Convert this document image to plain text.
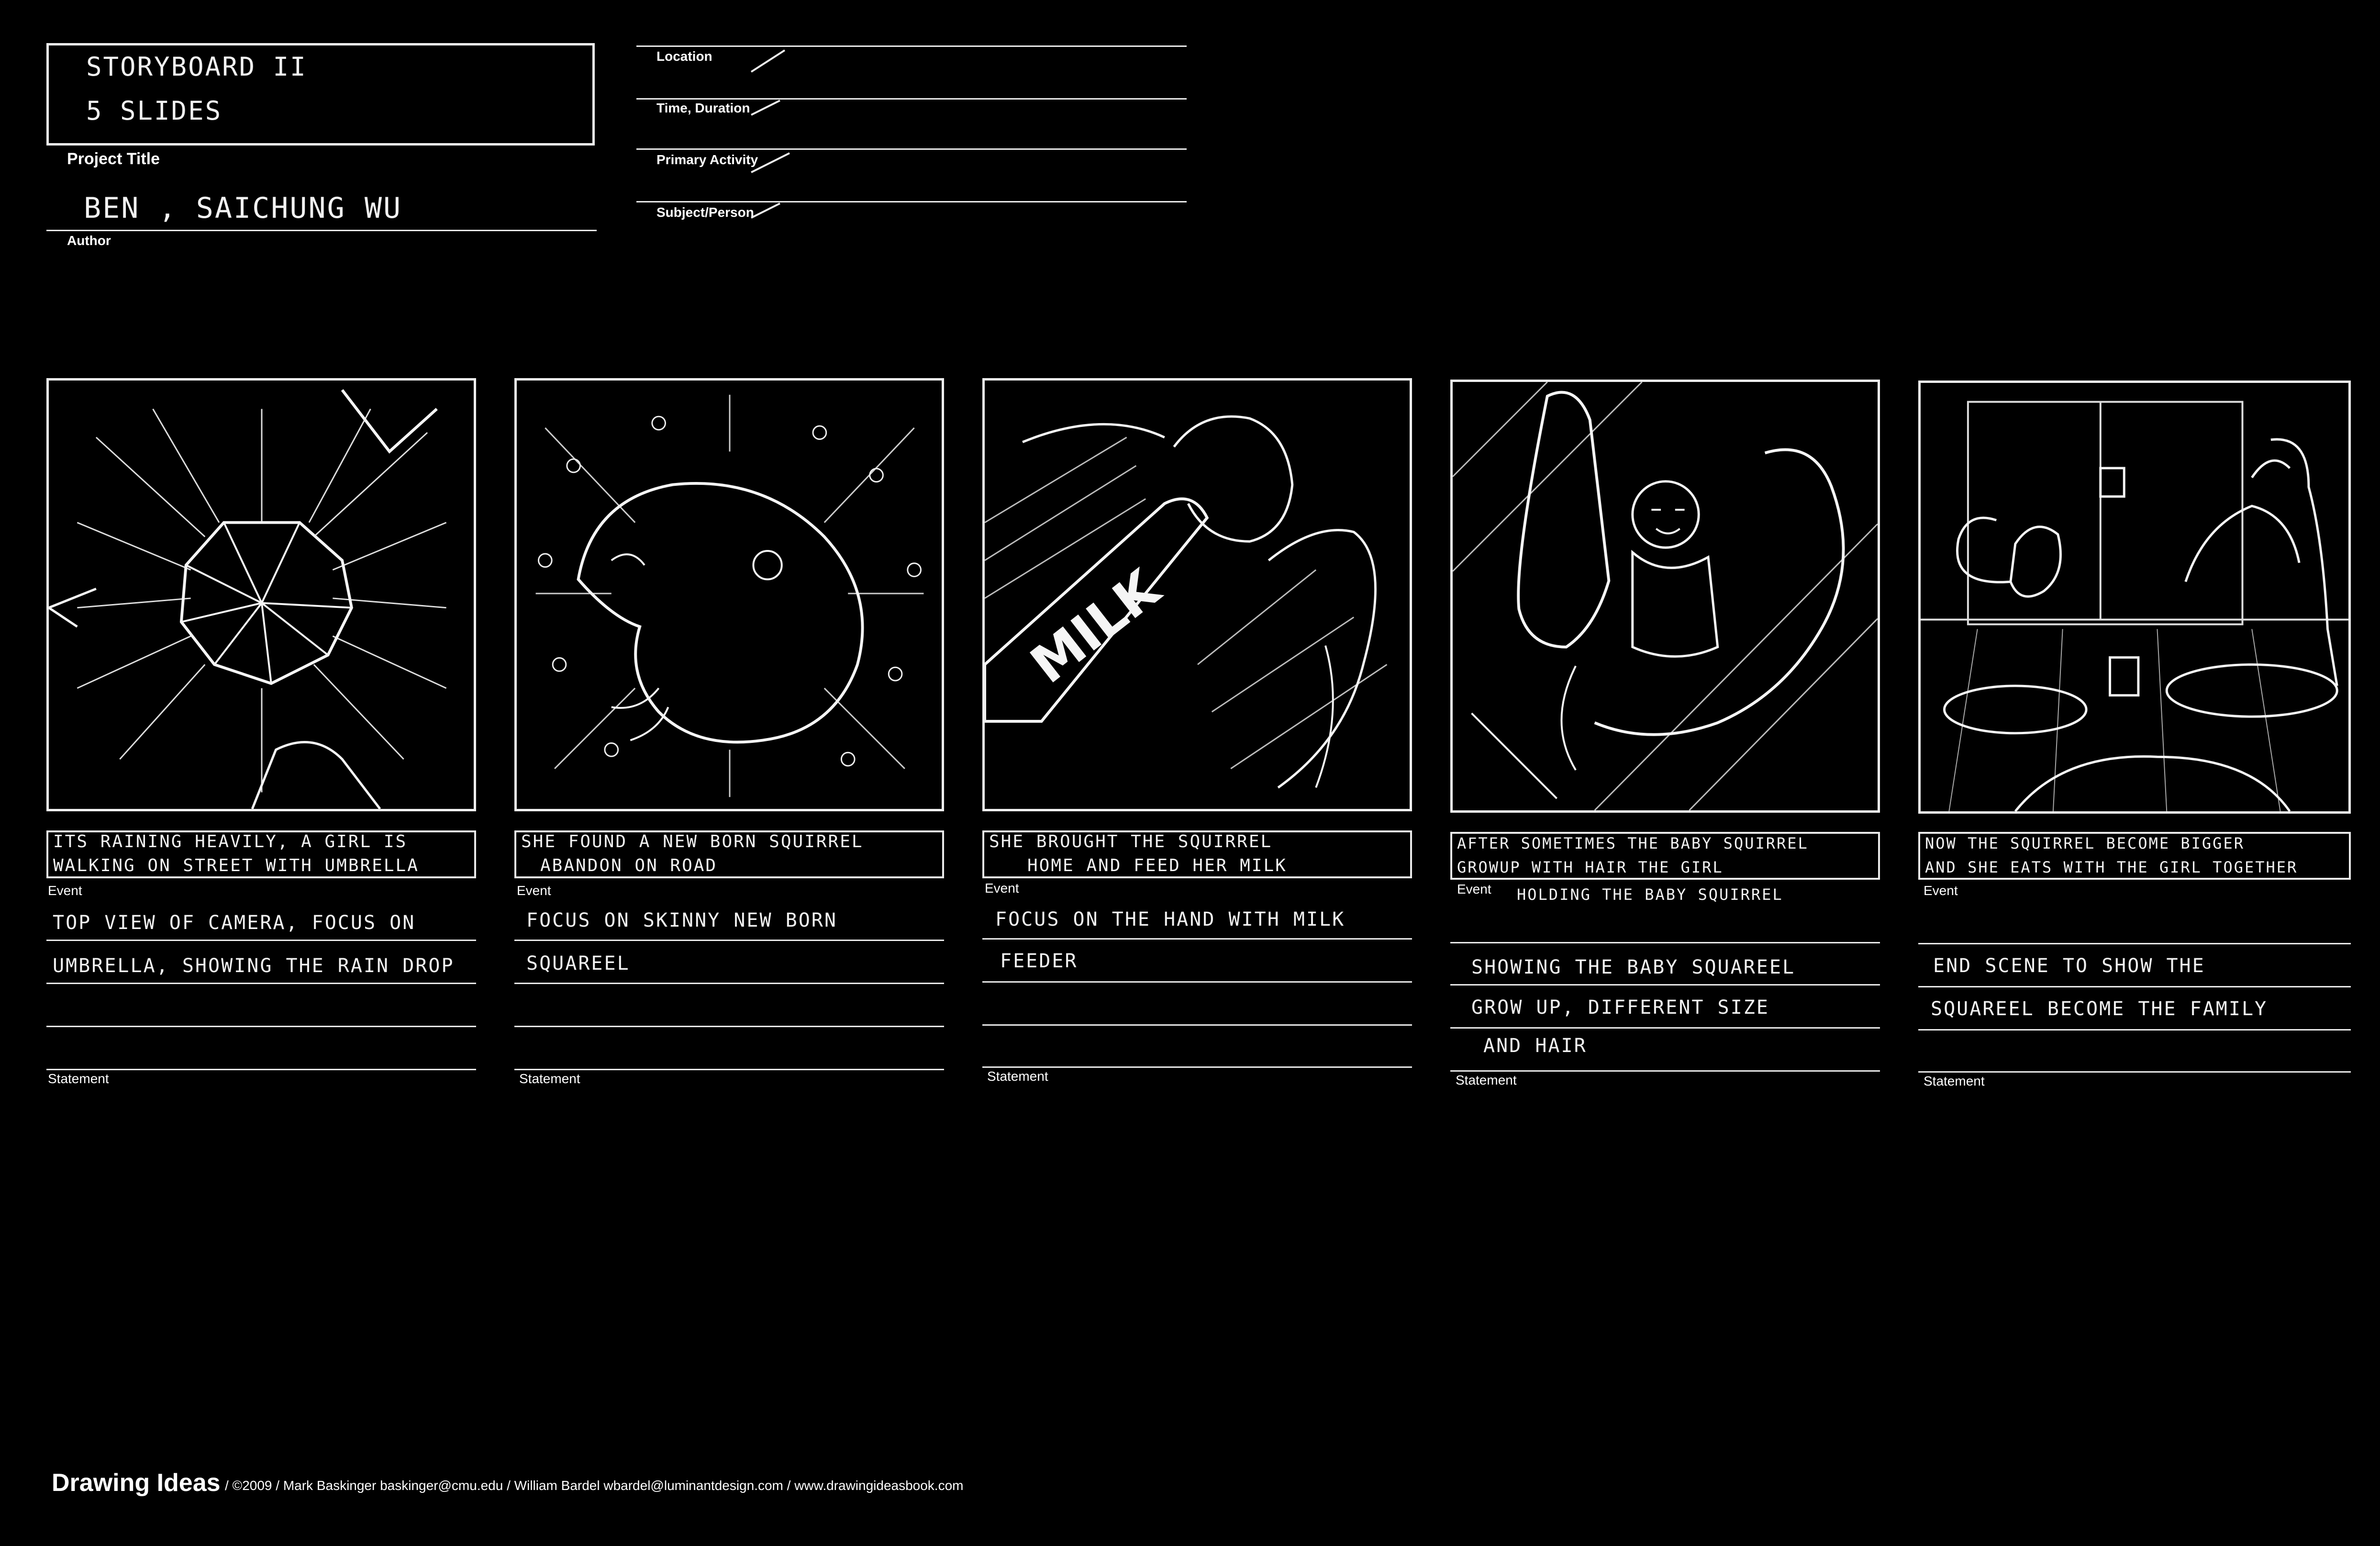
STORYBOARD II
5 SLIDES
Project Title
BEN , SAICHUNG WU
Author
Location
Time, Duration
Primary Activity
Subject/Person
ITS RAINING HEAVILY, A GIRL IS
WALKING ON STREET WITH UMBRELLA
Event
TOP VIEW OF CAMERA, FOCUS ON
UMBRELLA, SHOWING THE RAIN DROP
Statement
SHE FOUND A NEW BORN SQUIRREL
ABANDON ON ROAD
Event
FOCUS ON SKINNY NEW BORN
SQUAREEL
Statement
MILK
SHE BROUGHT THE SQUIRREL
HOME AND FEED HER MILK
Event
FOCUS ON THE HAND WITH MILK
FEEDER
Statement
AFTER SOMETIMES THE BABY SQUIRREL
GROWUP WITH HAIR THE GIRL
Event HOLDING THE BABY SQUIRREL
SHOWING THE BABY SQUAREEL
GROW UP, DIFFERENT SIZE
AND HAIR
Statement
NOW THE SQUIRREL BECOME BIGGER
AND SHE EATS WITH THE GIRL TOGETHER
Event
END SCENE TO SHOW THE
SQUAREEL BECOME THE FAMILY
Statement
Drawing Ideas / ©2009 / Mark Baskinger baskinger@cmu.edu / William Bardel wbardel@luminantdesign.com / www.drawingideasbook.com
